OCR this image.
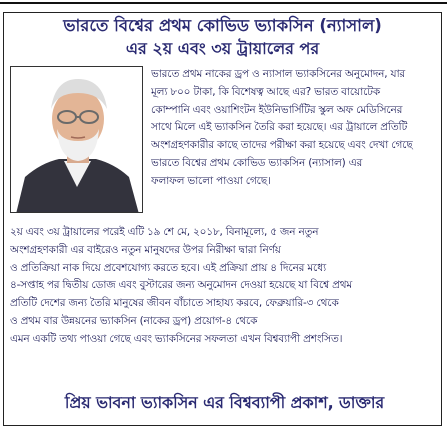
ভারতে বিশ্বের প্রথম কোভিড ভ্যাকসিন (ন্যাসাল)
এর ২য় এবং ৩য় ট্রায়ালের পর
ভারতে প্রথম নাকের ড্রপ ও ন্যাসাল ভ্যাকসিনের অনুমোদন, যার
মূল্য ৮০০ টাকা, কি বিশেষত্ব আছে এর? ভারত বায়োটেক
কোম্পানি এবং ওয়াশিংটন ইউনিভার্সিটির স্কুল অফ মেডিসিনের
সাথে মিলে এই ভ্যাকসিন তৈরি করা হয়েছে। এর ট্রায়ালে প্রতিটি
অংশগ্রহণকারীর কাছে তাদের পরীক্ষা করা হয়েছে এবং দেখা গেছে
ভারতে বিশ্বের প্রথম কোভিড ভ্যাকসিন (ন্যাসাল) এর
ফলাফল ভালো পাওয়া গেছে।
২য় এবং ৩য় ট্রায়ালের পরেই এটি ১৯ শে মে, ২০১৮, বিনামূল্যে, ৫ জন নতুন
অংশগ্রহণকারী এর বাইরেও নতুন মানুষদের উপর নিরীক্ষা দ্বারা নির্ণয়
ও প্রতিক্রিয়া নাক দিয়ে প্রবেশযোগ্য করতে হবে। এই প্রক্রিয়া প্রায় ৪ দিনের মধ্যে
৪-সপ্তাহ পর দ্বিতীয় ডোজ এবং বুস্টারের জন্য অনুমোদন দেওয়া হয়েছে যা বিশ্বে প্রথম
প্রতিটি দেশের জন্য তৈরি মানুষের জীবন বাঁচাতে সাহায্য করবে, ফেব্রুয়ারি-৩ থেকে
ও প্রথম বার উন্নয়নের ভ্যাকসিন (নাকের ড্রপ) প্রয়োগ-৪ থেকে
এমন একটি তথ্য পাওয়া গেছে এবং ভ্যাকসিনের সফলতা এখন বিশ্বব্যাপী প্রশংসিত।
প্রিয় ভাবনা ভ্যাকসিন এর বিশ্বব্যাপী প্রকাশ, ডাক্তার
